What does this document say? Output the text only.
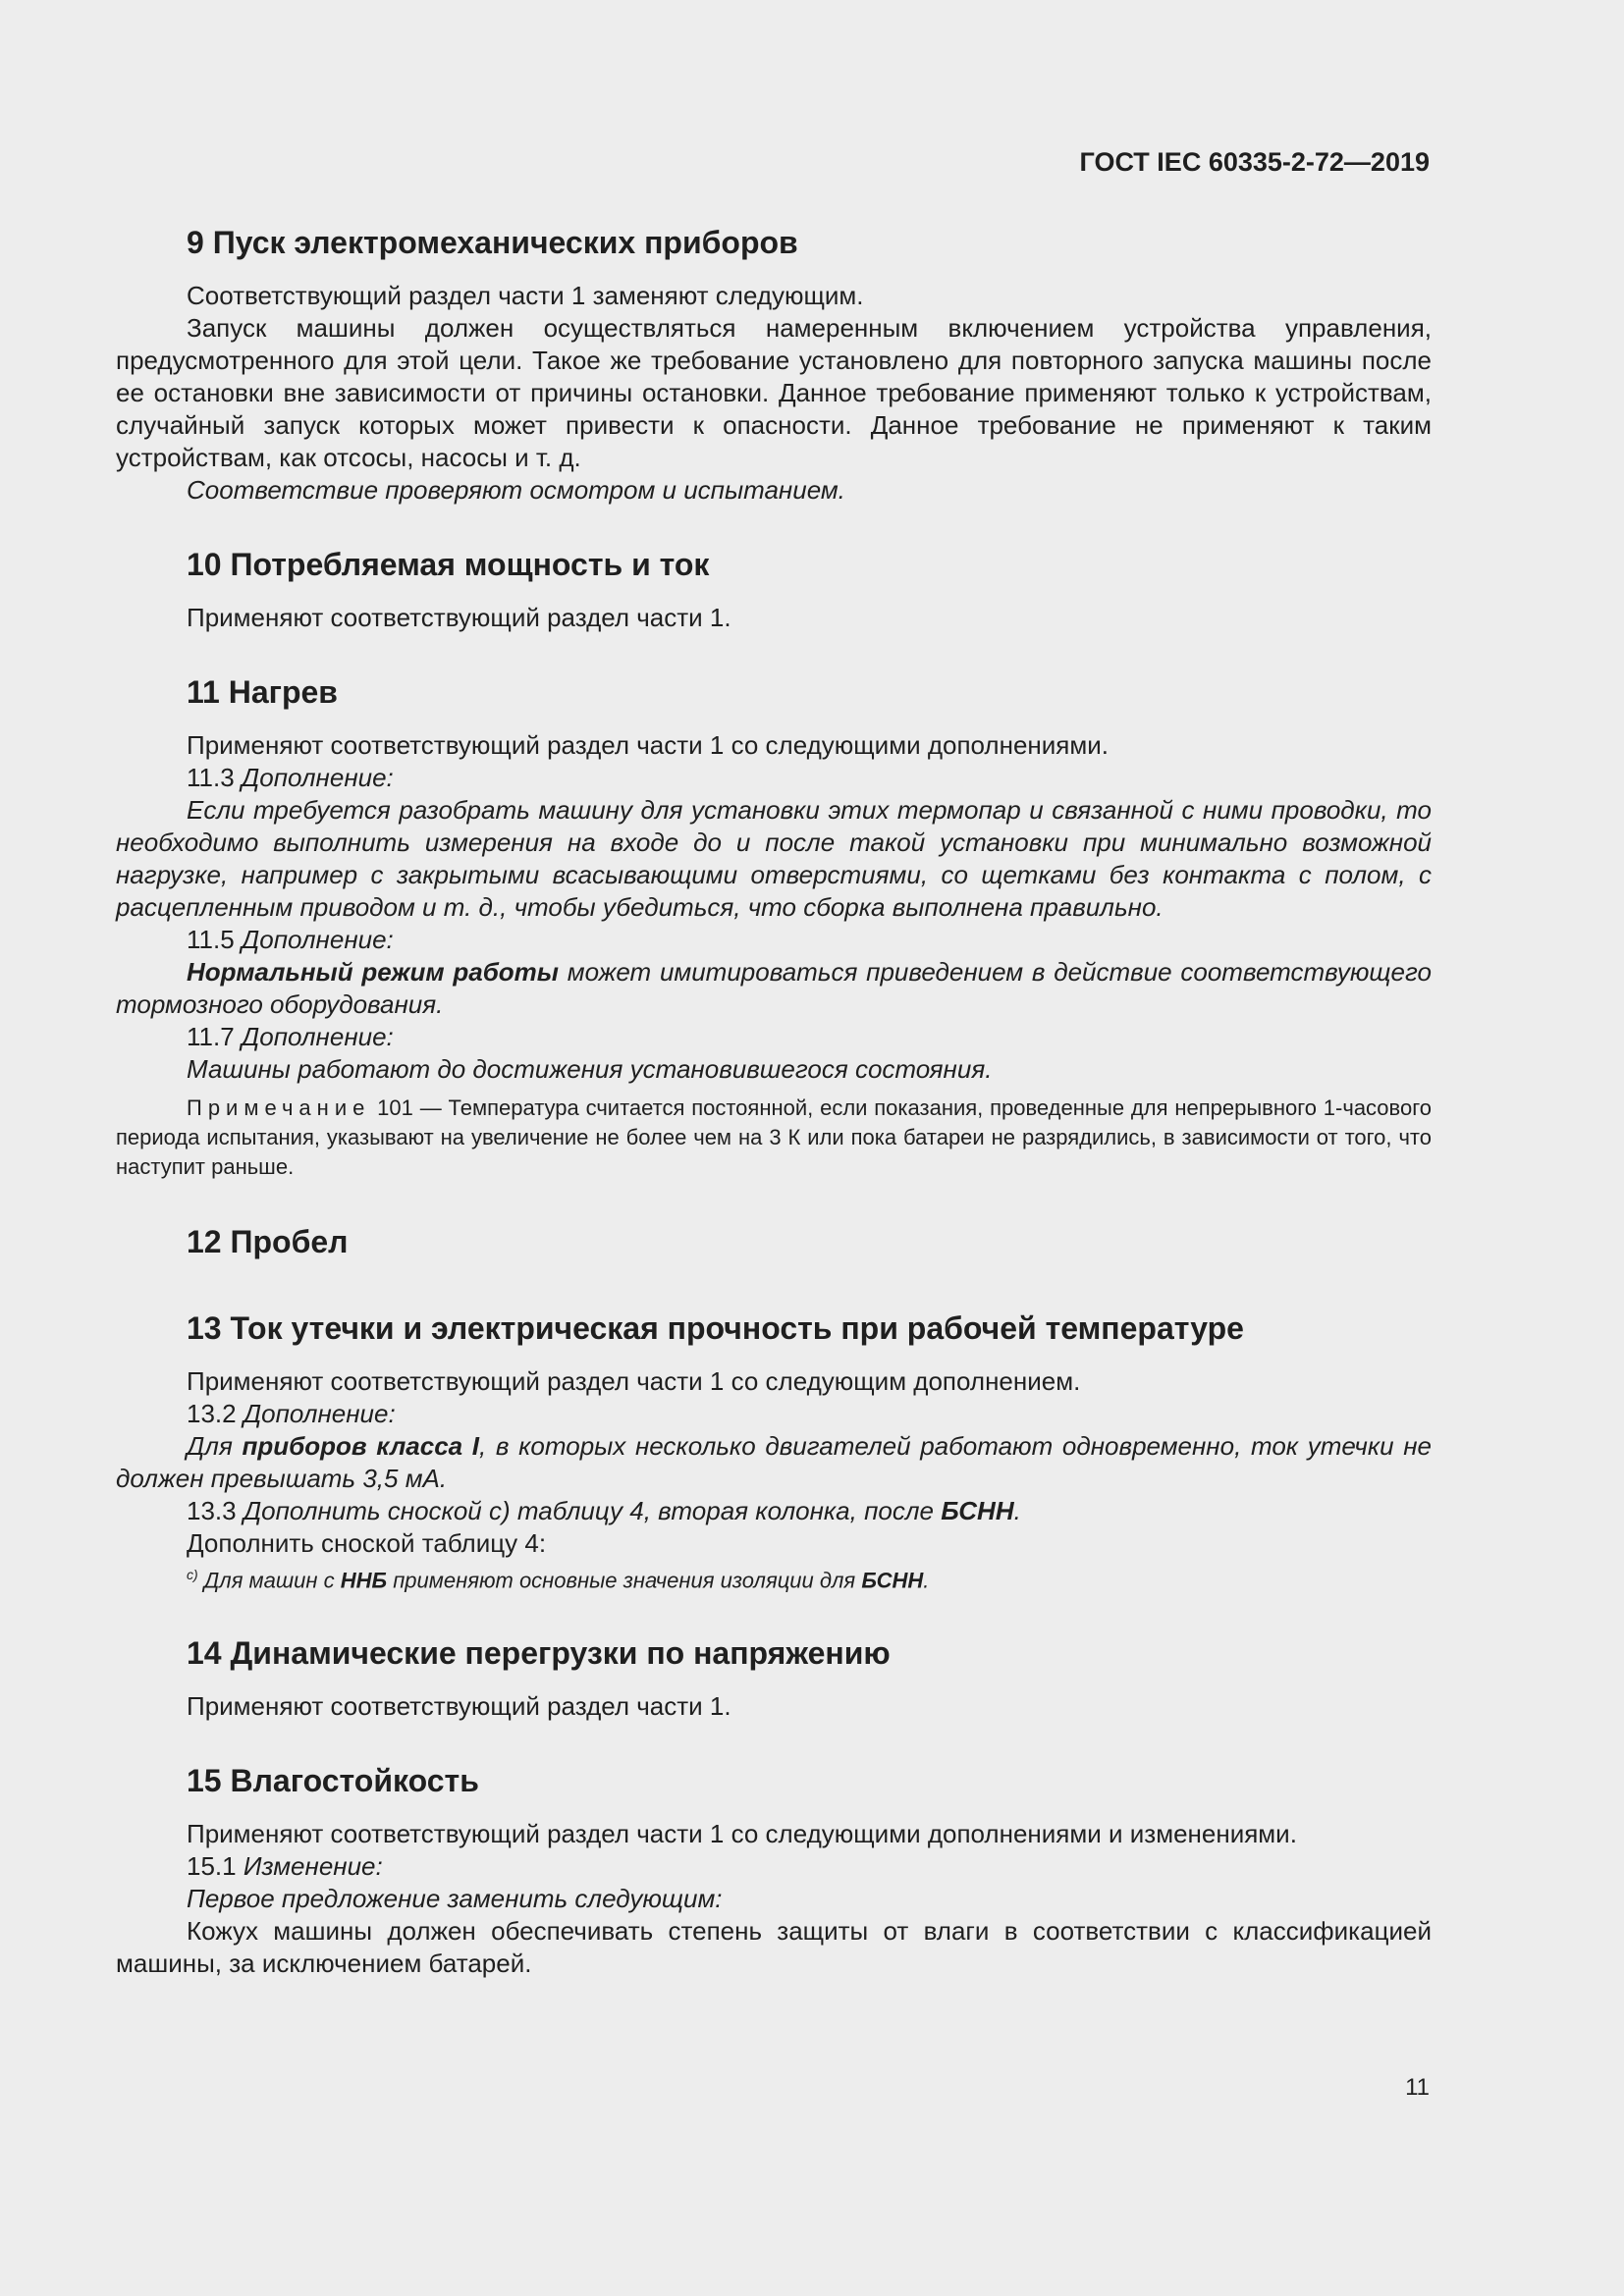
ГОСТ IEC 60335-2-72—2019
9 Пуск электромеханических приборов

Соответствующий раздел части 1 заменяют следующим.

Запуск машины должен осуществляться намеренным включением устройства управления, предусмотренного для этой цели. Такое же требование установлено для повторного запуска машины после ее остановки вне зависимости от причины остановки. Данное требование применяют только к устройствам, случайный запуск которых может привести к опасности. Данное требование не применяют к таким устройствам, как отсосы, насосы и т. д.

Соответствие проверяют осмотром и испытанием.

10 Потребляемая мощность и ток

Применяют соответствующий раздел части 1.

11 Нагрев

Применяют соответствующий раздел части 1 со следующими дополнениями.

11.3 Дополнение:

Если требуется разобрать машину для установки этих термопар и связанной с ними проводки, то необходимо выполнить измерения на входе до и после такой установки при минимально возможной нагрузке, например с закрытыми всасывающими отверстиями, со щетками без контакта с полом, с расцепленным приводом и т. д., чтобы убедиться, что сборка выполнена правильно.

11.5 Дополнение:

Нормальный режим работы может имитироваться приведением в действие соответствующего тормозного оборудования.

11.7 Дополнение:

Машины работают до достижения установившегося состояния.

Примечание 101 — Температура считается постоянной, если показания, проведенные для непрерывного 1-часового периода испытания, указывают на увеличение не более чем на 3 К или пока батареи не разрядились, в зависимости от того, что наступит раньше.

12 Пробел
13 Ток утечки и электрическая прочность при рабочей температуре

Применяют соответствующий раздел части 1 со следующим дополнением.

13.2 Дополнение:

Для приборов класса I, в которых несколько двигателей работают одновременно, ток утечки не должен превышать 3,5 мА.

13.3 Дополнить сноской c) таблицу 4, вторая колонка, после БСНН.

Дополнить сноской таблицу 4:

$^{c)}$ Для машин с ННБ применяют основные значения изоляции для БСНН.

14 Динамические перегрузки по напряжению

Применяют соответствующий раздел части 1.

15 Влагостойкость

Применяют соответствующий раздел части 1 со следующими дополнениями и изменениями.

15.1 Изменение:

Первое предложение заменить следующим:

Кожух машины должен обеспечивать степень защиты от влаги в соответствии с классификацией машины, за исключением батарей.

11
